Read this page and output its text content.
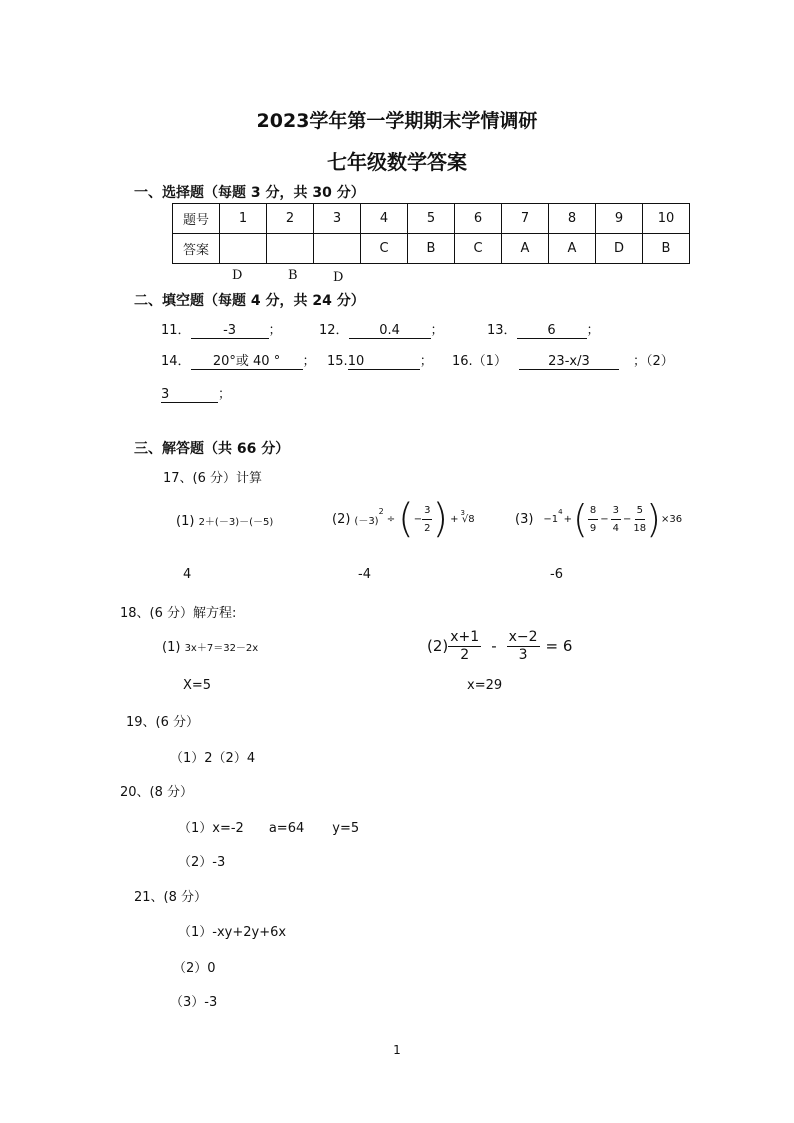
2023学年第一学期期末学情调研
七年级数学答案
一、选择题（每题 3 分，共 30 分）
题号	1	2	3	4	5	6	7	8	9	10
答案				C	B	C	A	A	D	B
D	B	D
二、填空题（每题 4 分，共 24 分）
11．	-3	；	12． 0.4 ；	13． 6 ；
14． 20°或 40 ° ； 15.10	； 16.（1）	23-x/3	；（2）
3	；
三、解答题（共 66 分）
17、(6 分）计算
(1) 2＋(－3)－(－5)	(2) (－3)
2
÷ ( − $\frac{3}{2}$ ) +
3
√8	(3) −1
4
+ ( $\frac{8}{9} - \frac{3}{4} - \frac{5}{18}$ ) ×36
4	-4	-6
18、(6 分）解方程:
(1) 3x＋7＝32－2x	$(2) \frac{x+1}{2} - \frac{x-2}{3} = 6$
X=5	x=29
19、(6 分）
（1）2（2）4
20、(8 分）
（1）x=-2 a=64 y=5
（2）-3
21、(8 分）
（1）-xy+2y+6x
（2）0
（3）-3
1
